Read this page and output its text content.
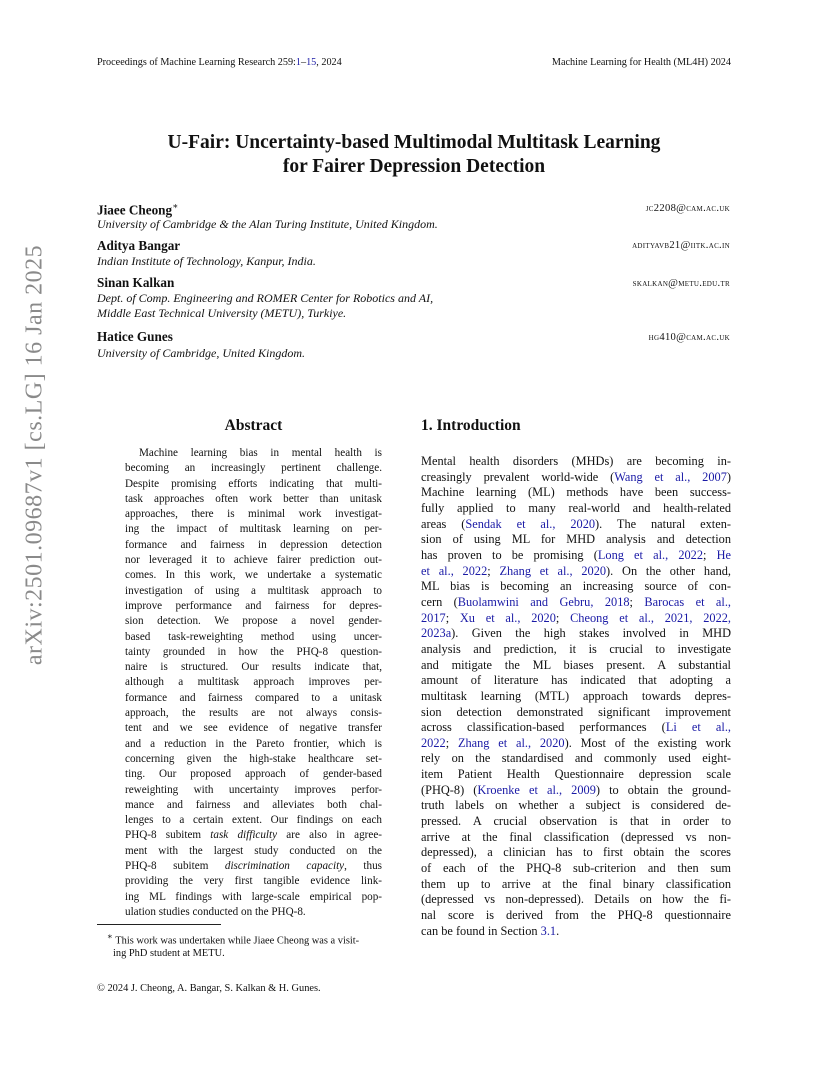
Proceedings of Machine Learning Research 259:1–15, 2024	Machine Learning for Health (ML4H) 2024
arXiv:2501.09687v1 [cs.LG] 16 Jan 2025
U-Fair: Uncertainty-based Multimodal Multitask Learning
for Fairer Depression Detection
Jiaee Cheong∗	jc2208@cam.ac.uk
University of Cambridge & the Alan Turing Institute, United Kingdom.
Aditya Bangar	adityavb21@iitk.ac.in
Indian Institute of Technology, Kanpur, India.
Sinan Kalkan	skalkan@metu.edu.tr
Dept. of Comp. Engineering and ROMER Center for Robotics and AI,
Middle East Technical University (METU), Turkiye.
Hatice Gunes	hg410@cam.ac.uk
University of Cambridge, United Kingdom.
Abstract
Machine learning bias in mental health is
becoming an increasingly pertinent challenge.
Despite promising efforts indicating that multi-
task approaches often work better than unitask
approaches, there is minimal work investigat-
ing the impact of multitask learning on per-
formance and fairness in depression detection
nor leveraged it to achieve fairer prediction out-
comes. In this work, we undertake a systematic
investigation of using a multitask approach to
improve performance and fairness for depres-
sion detection. We propose a novel gender-
based task-reweighting method using uncer-
tainty grounded in how the PHQ-8 question-
naire is structured. Our results indicate that,
although a multitask approach improves per-
formance and fairness compared to a unitask
approach, the results are not always consis-
tent and we see evidence of negative transfer
and a reduction in the Pareto frontier, which is
concerning given the high-stake healthcare set-
ting. Our proposed approach of gender-based
reweighting with uncertainty improves perfor-
mance and fairness and alleviates both chal-
lenges to a certain extent. Our findings on each
PHQ-8 subitem task difficulty are also in agree-
ment with the largest study conducted on the
PHQ-8 subitem discrimination capacity, thus
providing the very first tangible evidence link-
ing ML findings with large-scale empirical pop-
ulation studies conducted on the PHQ-8.
1. Introduction
Mental health disorders (MHDs) are becoming in-
creasingly prevalent world-wide (Wang et al., 2007)
Machine learning (ML) methods have been success-
fully applied to many real-world and health-related
areas (Sendak et al., 2020). The natural exten-
sion of using ML for MHD analysis and detection
has proven to be promising (Long et al., 2022; He
et al., 2022; Zhang et al., 2020). On the other hand,
ML bias is becoming an increasing source of con-
cern (Buolamwini and Gebru, 2018; Barocas et al.,
2017; Xu et al., 2020; Cheong et al., 2021, 2022,
2023a). Given the high stakes involved in MHD
analysis and prediction, it is crucial to investigate
and mitigate the ML biases present. A substantial
amount of literature has indicated that adopting a
multitask learning (MTL) approach towards depres-
sion detection demonstrated significant improvement
across classification-based performances (Li et al.,
2022; Zhang et al., 2020). Most of the existing work
rely on the standardised and commonly used eight-
item Patient Health Questionnaire depression scale
(PHQ-8) (Kroenke et al., 2009) to obtain the ground-
truth labels on whether a subject is considered de-
pressed. A crucial observation is that in order to
arrive at the final classification (depressed vs non-
depressed), a clinician has to first obtain the scores
of each of the PHQ-8 sub-criterion and then sum
them up to arrive at the final binary classification
(depressed vs non-depressed). Details on how the fi-
nal score is derived from the PHQ-8 questionnaire
can be found in Section 3.1.
∗ This work was undertaken while Jiaee Cheong was a visit-
ing PhD student at METU.
© 2024 J. Cheong, A. Bangar, S. Kalkan & H. Gunes.
